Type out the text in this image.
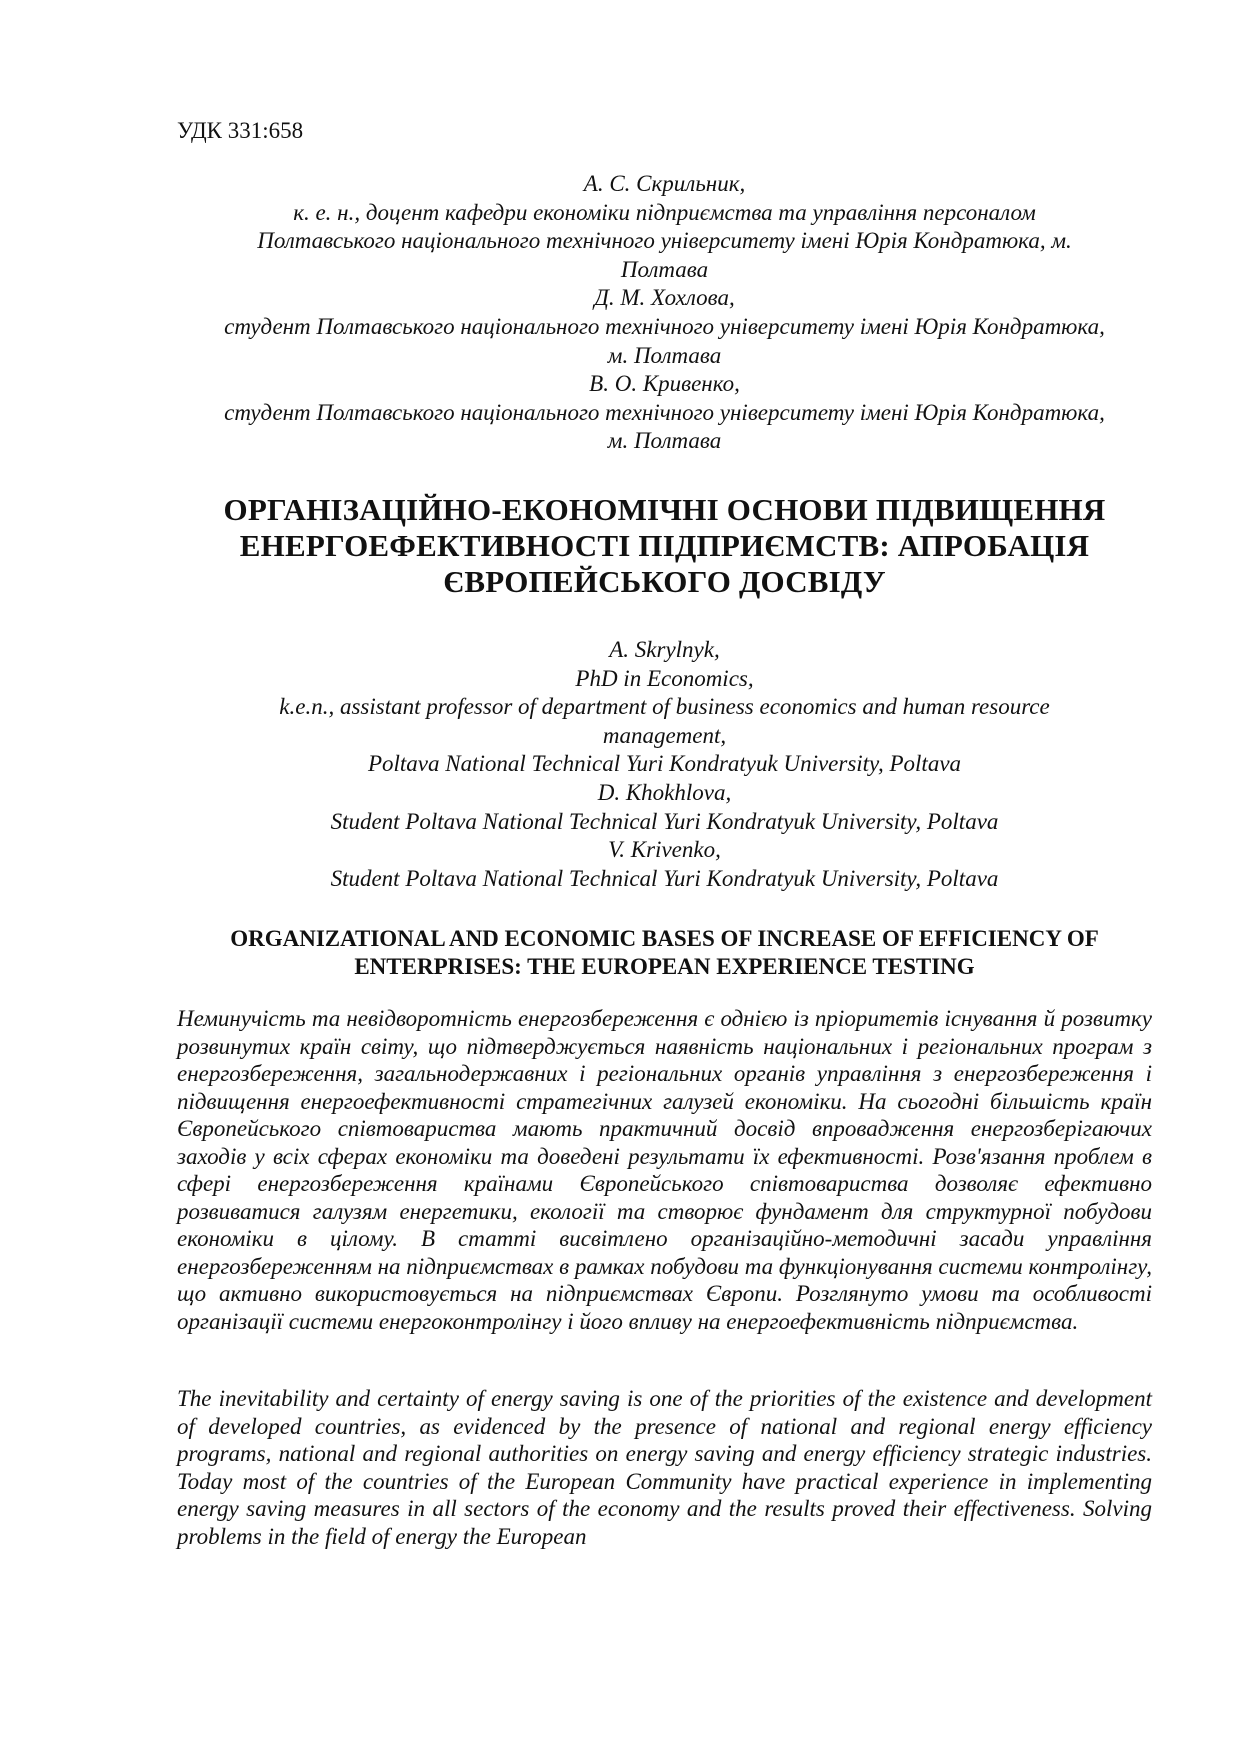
УДК 331:658
А. С. Скрильник,
к. е. н., доцент кафедри економіки підприємства та управління персоналом
Полтавського національного технічного університету імені Юрія Кондратюка, м.
Полтава
Д. М. Хохлова,
студент Полтавського національного технічного університету імені Юрія Кондратюка,
м. Полтава
В. О. Кривенко,
студент Полтавського національного технічного університету імені Юрія Кондратюка,
м. Полтава
ОРГАНІЗАЦІЙНО-ЕКОНОМІЧНІ ОСНОВИ ПІДВИЩЕННЯ
ЕНЕРГОЕФЕКТИВНОСТІ ПІДПРИЄМСТВ: АПРОБАЦІЯ
ЄВРОПЕЙСЬКОГО ДОСВІДУ
A. Skrylnyk,
PhD in Economics,
k.e.n., assistant professor of department of business economics and human resource
management,
Poltava National Technical Yuri Kondratyuk University, Poltava
D. Khokhlova,
Student Poltava National Technical Yuri Kondratyuk University, Poltava
V. Krivenko,
Student Poltava National Technical Yuri Kondratyuk University, Poltava
ORGANIZATIONAL AND ECONOMIC BASES OF INCREASE OF EFFICIENCY OF
ENTERPRISES: THE EUROPEAN EXPERIENCE TESTING
Неминучість та невідворотність енергозбереження є однією із пріоритетів існування й розвитку розвинутих країн світу, що підтверджується наявність національних і регіональних програм з енергозбереження, загальнодержавних і регіональних органів управління з енергозбереження і підвищення енергоефективності стратегічних галузей економіки. На сьогодні більшість країн Європейського співтовариства мають практичний досвід впровадження енергозберігаючих заходів у всіх сферах економіки та доведені результати їх ефективності. Розв'язання проблем в сфері енергозбереження країнами Європейського співтовариства дозволяє ефективно розвиватися галузям енергетики, екології та створює фундамент для структурної побудови економіки в цілому. В статті висвітлено організаційно-методичні засади управління енергозбереженням на підприємствах в рамках побудови та функціонування системи контролінгу, що активно використовується на підприємствах Європи. Розглянуто умови та особливості організації системи енергоконтролінгу і його впливу на енергоефективність підприємства.
The inevitability and certainty of energy saving is one of the priorities of the existence and development of developed countries, as evidenced by the presence of national and regional energy efficiency programs, national and regional authorities on energy saving and energy efficiency strategic industries. Today most of the countries of the European Community have practical experience in implementing energy saving measures in all sectors of the economy and the results proved their effectiveness. Solving problems in the field of energy the European
